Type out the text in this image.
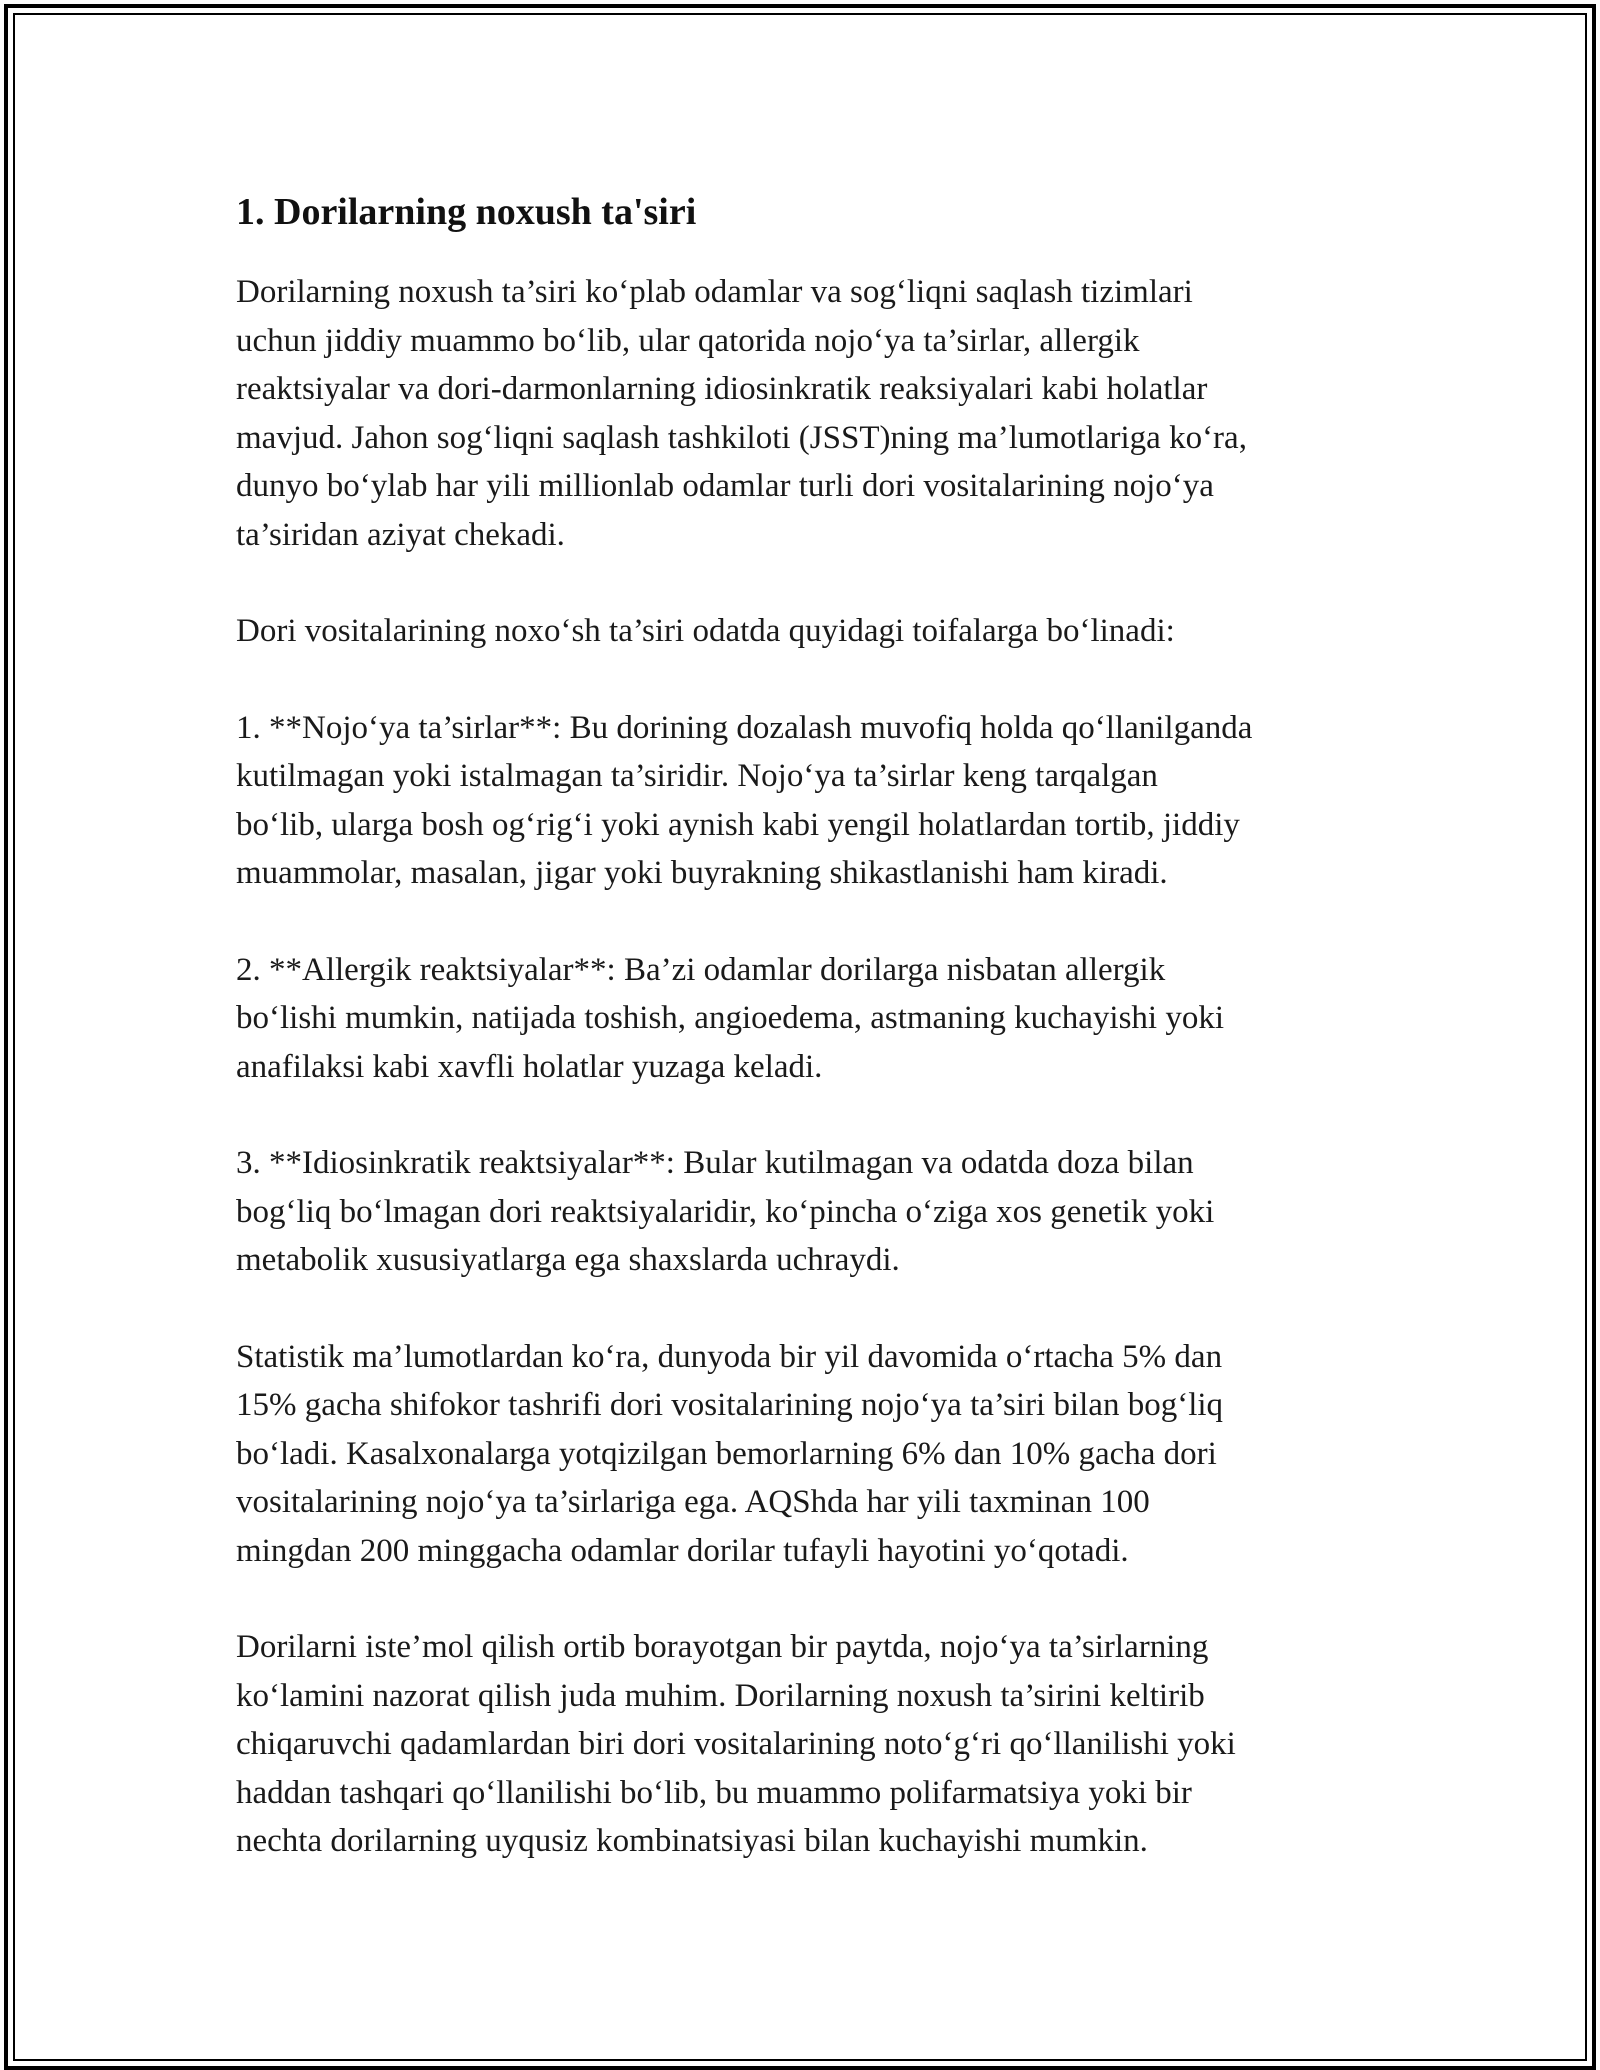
1. Dorilarning noxush ta'siri

Dorilarning noxush ta’siri ko‘plab odamlar va sog‘liqni saqlash tizimlari
uchun jiddiy muammo bo‘lib, ular qatorida nojo‘ya ta’sirlar, allergik
reaktsiyalar va dori-darmonlarning idiosinkratik reaksiyalari kabi holatlar
mavjud. Jahon sog‘liqni saqlash tashkiloti (JSST)ning ma’lumotlariga ko‘ra,
dunyo bo‘ylab har yili millionlab odamlar turli dori vositalarining nojo‘ya
ta’siridan aziyat chekadi.

Dori vositalarining noxo‘sh ta’siri odatda quyidagi toifalarga bo‘linadi:

1. **Nojo‘ya ta’sirlar**: Bu dorining dozalash muvofiq holda qo‘llanilganda
kutilmagan yoki istalmagan ta’siridir. Nojo‘ya ta’sirlar keng tarqalgan
bo‘lib, ularga bosh og‘rig‘i yoki aynish kabi yengil holatlardan tortib, jiddiy
muammolar, masalan, jigar yoki buyrakning shikastlanishi ham kiradi.

2. **Allergik reaktsiyalar**: Ba’zi odamlar dorilarga nisbatan allergik
bo‘lishi mumkin, natijada toshish, angioedema, astmaning kuchayishi yoki
anafilaksi kabi xavfli holatlar yuzaga keladi.

3. **Idiosinkratik reaktsiyalar**: Bular kutilmagan va odatda doza bilan
bog‘liq bo‘lmagan dori reaktsiyalaridir, ko‘pincha o‘ziga xos genetik yoki
metabolik xususiyatlarga ega shaxslarda uchraydi.

Statistik ma’lumotlardan ko‘ra, dunyoda bir yil davomida o‘rtacha 5% dan
15% gacha shifokor tashrifi dori vositalarining nojo‘ya ta’siri bilan bog‘liq
bo‘ladi. Kasalxonalarga yotqizilgan bemorlarning 6% dan 10% gacha dori
vositalarining nojo‘ya ta’sirlariga ega. AQShda har yili taxminan 100
mingdan 200 minggacha odamlar dorilar tufayli hayotini yo‘qotadi.

Dorilarni iste’mol qilish ortib borayotgan bir paytda, nojo‘ya ta’sirlarning
ko‘lamini nazorat qilish juda muhim. Dorilarning noxush ta’sirini keltirib
chiqaruvchi qadamlardan biri dori vositalarining noto‘g‘ri qo‘llanilishi yoki
haddan tashqari qo‘llanilishi bo‘lib, bu muammo polifarmatsiya yoki bir
nechta dorilarning uyqusiz kombinatsiyasi bilan kuchayishi mumkin.
